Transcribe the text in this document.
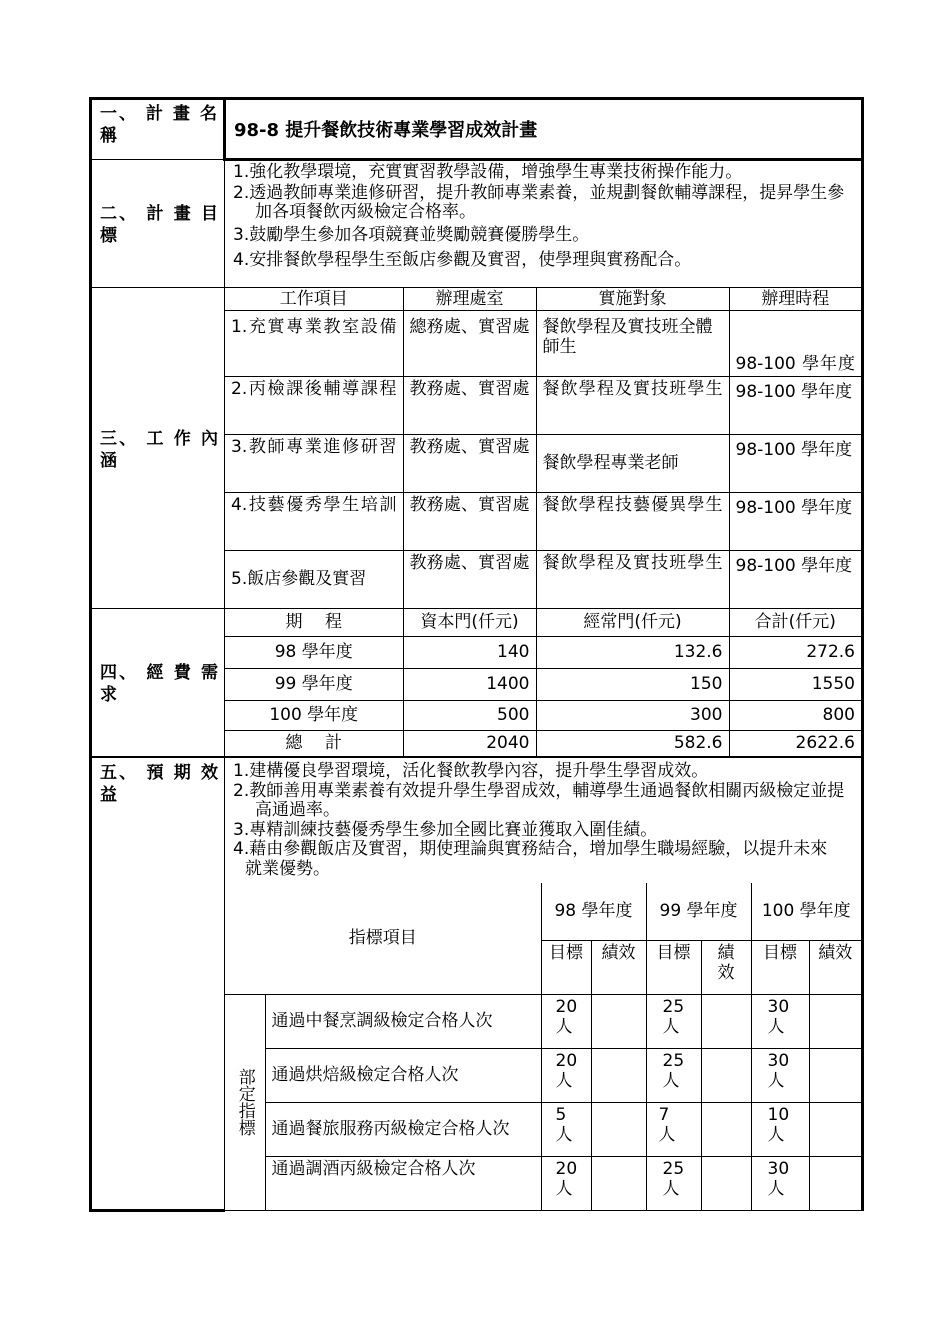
一、 計 畫 名
稱	98-8 提升餐飲技術專業學習成效計畫

二、 計 畫 目
標

1.強化教學環境，充實實習教學設備，增強學生專業技術操作能力。
2.透過教師專業進修研習，提升教師專業素養，並規劃餐飲輔導課程，提昇學生參加各項餐飲丙級檢定合格率。
3.鼓勵學生參加各項競賽並獎勵競賽優勝學生。
4.安排餐飲學程學生至飯店參觀及實習，使學理與實務配合。

三、 工 作 內
涵

工作項目	辦理處室	實施對象	辦理時程
1.充實專業教室設備	總務處、實習處	餐飲學程及實技班全體師生	98-100 學年度
2.丙檢課後輔導課程	教務處、實習處	餐飲學程及實技班學生	98-100 學年度
3.教師專業進修研習	教務處、實習處	餐飲學程專業老師	98-100 學年度
4.技藝優秀學生培訓	教務處、實習處	餐飲學程技藝優異學生	98-100 學年度
5.飯店參觀及實習	教務處、實習處	餐飲學程及實技班學生	98-100 學年度

四、 經 費 需
求

期　 程	資本門(仟元)	經常門(仟元)	合計(仟元)
98 學年度	140	132.6	272.6
99 學年度	1400	150	1550
100 學年度	500	300	800
總　 計	2040	582.6	2622.6

五、 預 期 效
益

1.建構優良學習環境，活化餐飲教學內容，提升學生學習成效。
2.教師善用專業素養有效提升學生學習成效，輔導學生通過餐飲相關丙級檢定並提高通過率。
3.專精訓練技藝優秀學生參加全國比賽並獲取入圍佳績。
4.藉由參觀飯店及實習，期使理論與實務結合，增加學生職場經驗，以提升未來
就業優勢。
指標項目	98 學年度	99 學年度	100 學年度
目標	績效	目標	績效	目標	績效

部定指標
	通過中餐烹調級檢定合格人次	20 人		25 人		30 人	
通過烘焙級檢定合格人次	20 人		25 人		30 人	
通過餐旅服務丙級檢定合格人次	5 人		7 人		10 人	
通過調酒丙級檢定合格人次	20 人		25 人		30 人	
